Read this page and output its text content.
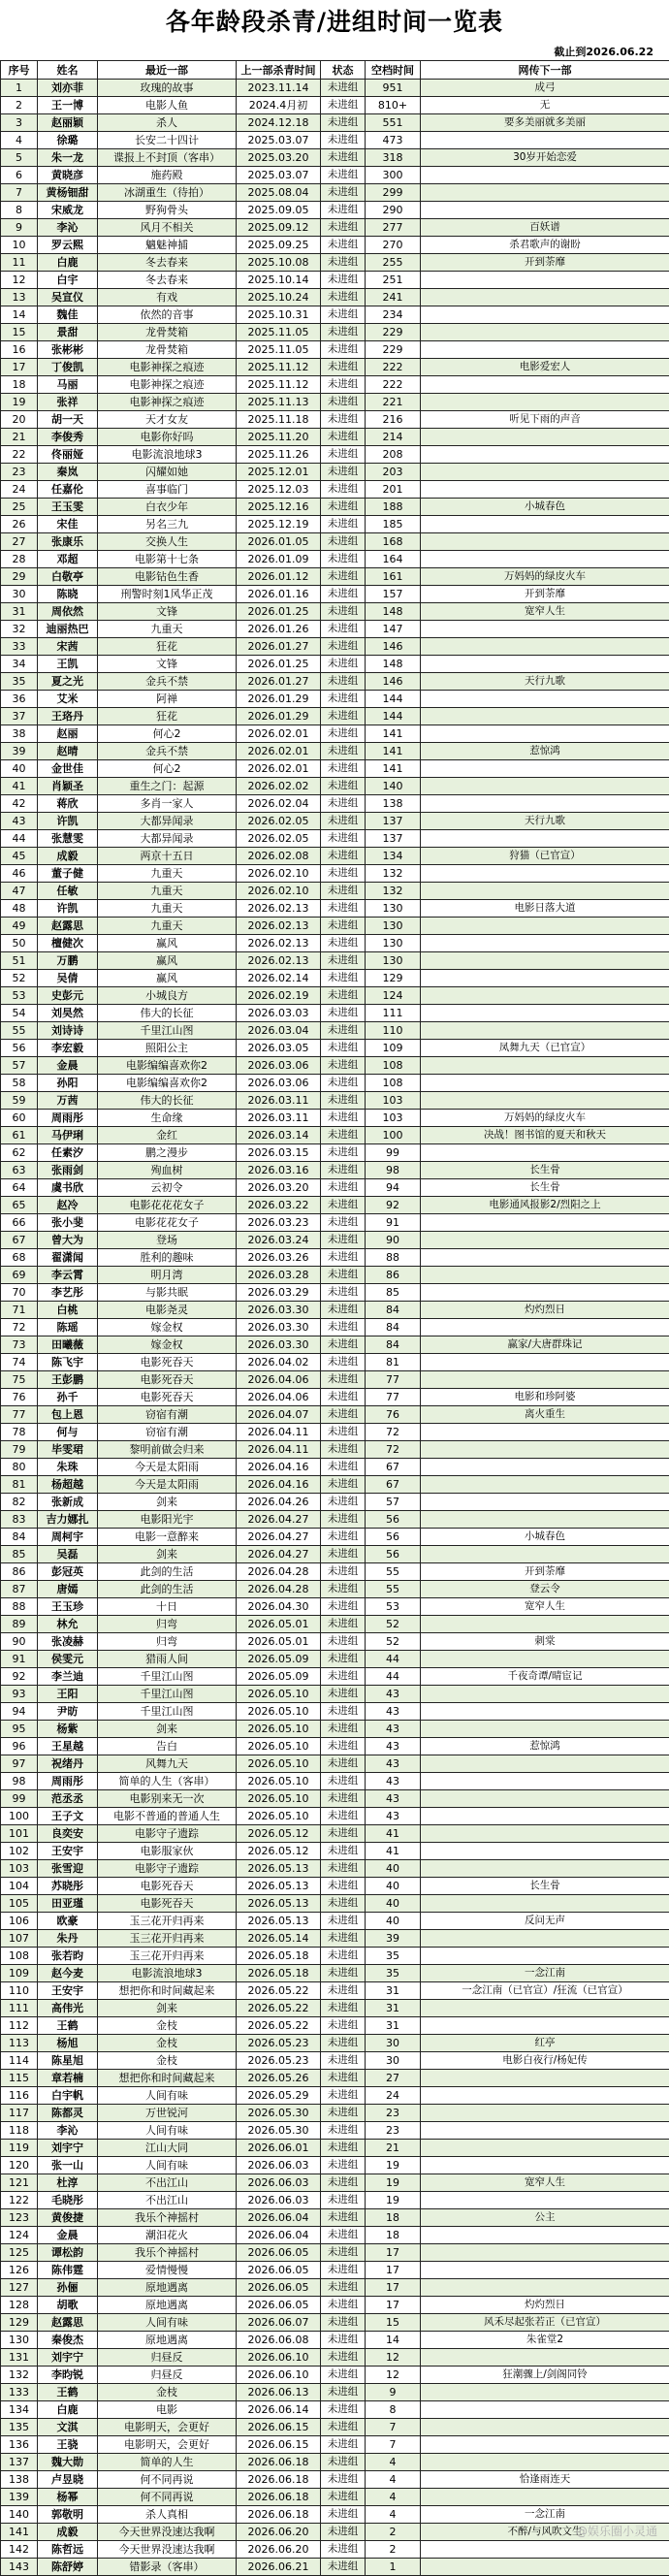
各年龄段杀青/进组时间一览表
截止到2026.06.22
序号	姓名	最近一部	上一部杀青时间	状态	空档时间	网传下一部
1	刘亦菲	玫瑰的故事	2023.11.14	未进组	951	成弓
2	王一博	电影人鱼	2024.4月初	未进组	810+	无
3	赵丽颖	杀人	2024.12.18	未进组	551	要多美丽就多美丽
4	徐璐	长安二十四计	2025.03.07	未进组	473	
5	朱一龙	谍报上不封顶（客串）	2025.03.20	未进组	318	30岁开始恋爱
6	黄晓彦	施药殿	2025.03.07	未进组	300	
7	黄杨钿甜	冰湖重生（待拍）	2025.08.04	未进组	299	
8	宋威龙	野狗骨头	2025.09.05	未进组	290	
9	李沁	风月不相关	2025.09.12	未进组	277	百妖谱
10	罗云熙	魑魅神捕	2025.09.25	未进组	270	杀君歌声的谢盼
11	白鹿	冬去春来	2025.10.08	未进组	255	开到荼靡
12	白宇	冬去春来	2025.10.14	未进组	251	
13	吴宣仪	有戏	2025.10.24	未进组	241	
14	魏佳	依然的音事	2025.10.31	未进组	234	
15	景甜	龙骨焚箱	2025.11.05	未进组	229	
16	张彬彬	龙骨焚箱	2025.11.05	未进组	229	
17	丁俊凯	电影神探之痕迹	2025.11.12	未进组	222	电影爱宏人
18	马丽	电影神探之痕迹	2025.11.12	未进组	222	
19	张祥	电影神探之痕迹	2025.11.13	未进组	221	
20	胡一天	天才女友	2025.11.18	未进组	216	听见下雨的声音
21	李俊秀	电影你好吗	2025.11.20	未进组	214	
22	佟丽娅	电影流浪地球3	2025.11.26	未进组	208	
23	秦岚	闪耀如她	2025.12.01	未进组	203	
24	任嘉伦	喜事临门	2025.12.03	未进组	201	
25	王玉雯	白衣少年	2025.12.16	未进组	188	小城春色
26	宋佳	另名三九	2025.12.19	未进组	185	
27	张康乐	交换人生	2026.01.05	未进组	168	
28	邓超	电影第十七条	2026.01.09	未进组	164	
29	白敬亭	电影钻色生香	2026.01.12	未进组	161	万妈妈的绿皮火车
30	陈晓	刑警时刻1风华正茂	2026.01.16	未进组	157	开到荼靡
31	周依然	文锋	2026.01.25	未进组	148	宽窄人生
32	迪丽热巴	九重天	2026.01.26	未进组	147	
33	宋茜	狂花	2026.01.27	未进组	146	
34	王凯	文锋	2026.01.25	未进组	148	
35	夏之光	金兵不禁	2026.01.27	未进组	146	天行九歌
36	艾米	阿禅	2026.01.29	未进组	144	
37	王珞丹	狂花	2026.01.29	未进组	144	
38	赵丽	何心2	2026.02.01	未进组	141	
39	赵晴	金兵不禁	2026.02.01	未进组	141	惹惊鸿
40	金世佳	何心2	2026.02.01	未进组	141	
41	肖颖圣	重生之门：起源	2026.02.02	未进组	140	
42	蒋欣	多肖一家人	2026.02.04	未进组	138	
43	许凯	大都异闻录	2026.02.05	未进组	137	天行九歌
44	张慧雯	大都异闻录	2026.02.05	未进组	137	
45	成毅	两京十五日	2026.02.08	未进组	134	狩猫（已官宣）
46	董子健	九重天	2026.02.10	未进组	132	
47	任敏	九重天	2026.02.10	未进组	132	
48	许凯	九重天	2026.02.13	未进组	130	电影日落大道
49	赵露思	九重天	2026.02.13	未进组	130	
50	檀健次	赢风	2026.02.13	未进组	130	
51	万鹏	赢风	2026.02.13	未进组	130	
52	吴倩	赢风	2026.02.14	未进组	129	
53	史彭元	小城良方	2026.02.19	未进组	124	
54	刘昊然	伟大的长征	2026.03.03	未进组	111	
55	刘诗诗	千里江山图	2026.03.04	未进组	110	
56	李宏毅	照阳公主	2026.03.05	未进组	109	凤舞九天（已官宣）
57	金晨	电影编编喜欢你2	2026.03.06	未进组	108	
58	孙阳	电影编编喜欢你2	2026.03.06	未进组	108	
59	万茜	伟大的长征	2026.03.11	未进组	103	
60	周雨彤	生命缘	2026.03.11	未进组	103	万妈妈的绿皮火车
61	马伊琍	金红	2026.03.14	未进组	100	决战！图书馆的夏天和秋天
62	任素汐	鹏之漫步	2026.03.15	未进组	99	
63	张雨剑	殉血树	2026.03.16	未进组	98	长生骨
64	虞书欣	云初令	2026.03.20	未进组	94	长生骨
65	赵冷	电影花花花女子	2026.03.22	未进组	92	电影通风报影2/烈阳之上
66	张小斐	电影花花女子	2026.03.23	未进组	91	
67	曾大为	登场	2026.03.24	未进组	90	
68	翟潇闻	胜利的趣味	2026.03.26	未进组	88	
69	李云霄	明月湾	2026.03.28	未进组	86	
70	李艺彤	与影共眠	2026.03.29	未进组	85	
71	白桃	电影尧灵	2026.03.30	未进组	84	灼灼烈日
72	陈瑶	嫁金权	2026.03.30	未进组	84	
73	田曦薇	嫁金权	2026.03.30	未进组	84	赢家/大唐群珠记
74	陈飞宇	电影死吞天	2026.04.02	未进组	81	
75	王彭鹏	电影死吞天	2026.04.06	未进组	77	
76	孙千	电影死吞天	2026.04.06	未进组	77	电影和珍阿婆
77	包上恩	窃宿有潮	2026.04.07	未进组	76	离火重生
78	何与	窃宿有潮	2026.04.11	未进组	72	
79	毕雯珺	黎明前做会归来	2026.04.11	未进组	72	
80	朱珠	今天是太阳雨	2026.04.16	未进组	67	
81	杨超越	今天是太阳雨	2026.04.16	未进组	67	
82	张新成	剑来	2026.04.26	未进组	57	
83	吉力娜扎	电影阳光宇	2026.04.27	未进组	56	
84	周柯宇	电影一意醉来	2026.04.27	未进组	56	小城春色
85	吴磊	剑来	2026.04.27	未进组	56	
86	彭冠英	此剑的生活	2026.04.28	未进组	55	开到荼靡
87	唐嫣	此剑的生活	2026.04.28	未进组	55	登云令
88	王玉珍	十日	2026.04.30	未进组	53	宽窄人生
89	林允	归弯	2026.05.01	未进组	52	
90	张凌赫	归弯	2026.05.01	未进组	52	刺棠
91	侯雯元	猎雨人间	2026.05.09	未进组	44	
92	李兰迪	千里江山图	2026.05.09	未进组	44	千夜奇谭/晴宦记
93	王阳	千里江山图	2026.05.10	未进组	43	
94	尹昉	千里江山图	2026.05.10	未进组	43	
95	杨紫	剑来	2026.05.10	未进组	43	
96	王星越	告白	2026.05.10	未进组	43	惹惊鸿
97	祝绪丹	风舞九天	2026.05.10	未进组	43	
98	周雨彤	简单的人生（客串）	2026.05.10	未进组	43	
99	范丞丞	电影别来无一次	2026.05.10	未进组	43	
100	王子文	电影不普通的普通人生	2026.05.10	未进组	43	
101	良奕安	电影守子遗踪	2026.05.12	未进组	41	
102	王安宇	电影服家伙	2026.05.12	未进组	41	
103	张雪迎	电影守子遗踪	2026.05.13	未进组	40	
104	苏晓彤	电影死吞天	2026.05.13	未进组	40	长生骨
105	田亚瑾	电影死吞天	2026.05.13	未进组	40	
106	欧豪	玉三花开归再来	2026.05.13	未进组	40	反问无声
107	朱丹	玉三花开归再来	2026.05.14	未进组	39	
108	张若昀	玉三花开归再来	2026.05.18	未进组	35	
109	赵今麦	电影流浪地球3	2026.05.18	未进组	35	一念江南
110	王安宇	想把你和时间藏起来	2026.05.22	未进组	31	一念江南（已官宣）/狂流（已官宣）
111	高伟光	剑来	2026.05.22	未进组	31	
112	王鹤	金枝	2026.05.22	未进组	31	
113	杨旭	金枝	2026.05.23	未进组	30	红亭
114	陈星旭	金枝	2026.05.23	未进组	30	电影白夜行/杨妃传
115	章若楠	想把你和时间藏起来	2026.05.26	未进组	27	
116	白宇帆	人间有味	2026.05.29	未进组	24	
117	陈都灵	万世锐河	2026.05.30	未进组	23	
118	李沁	人间有味	2026.05.30	未进组	23	
119	刘宇宁	江山大同	2026.06.01	未进组	21	
120	张一山	人间有味	2026.06.03	未进组	19	
121	杜淳	不出江山	2026.06.03	未进组	19	宽窄人生
122	毛晓彤	不出江山	2026.06.03	未进组	19	
123	黄俊捷	我乐个神摇村	2026.06.04	未进组	18	公主
124	金晨	潮汩花火	2026.06.04	未进组	18	
125	谭松韵	我乐个神摇村	2026.06.05	未进组	17	
126	陈伟霆	爱情慢慢	2026.06.05	未进组	17	
127	孙俪	原地遇离	2026.06.05	未进组	17	
128	胡歌	原地遇离	2026.06.05	未进组	17	灼灼烈日
129	赵露思	人间有味	2026.06.07	未进组	15	风禾尽起张若正（已官宣）
130	秦俊杰	原地遇离	2026.06.08	未进组	14	朱雀堂2
131	刘宇宁	归昼反	2026.06.10	未进组	12	
132	李昀锐	归昼反	2026.06.10	未进组	12	狂潮骤上/剑阁同铃
133	王鹤	金枝	2026.06.13	未进组	9	
134	白鹿	电影	2026.06.14	未进组	8	
135	文淇	电影明天，会更好	2026.06.15	未进组	7	
136	王骁	电影明天，会更好	2026.06.15	未进组	7	
137	魏大勋	简单的人生	2026.06.18	未进组	4	
138	卢昱晓	何不同再说	2026.06.18	未进组	4	恰逢雨连天
139	杨幂	何不同再说	2026.06.18	未进组	4	
140	郭敬明	杀人真相	2026.06.18	未进组	4	一念江南
141	成毅	今天世界没速达我啊	2026.06.20	未进组	2	不醉/与风吹文生
142	陈哲远	今天世界没速达我啊	2026.06.20	未进组	2	
143	陈舒婷	错影录（客串）	2026.06.21	未进组	1	
@娱乐圈小灵通
